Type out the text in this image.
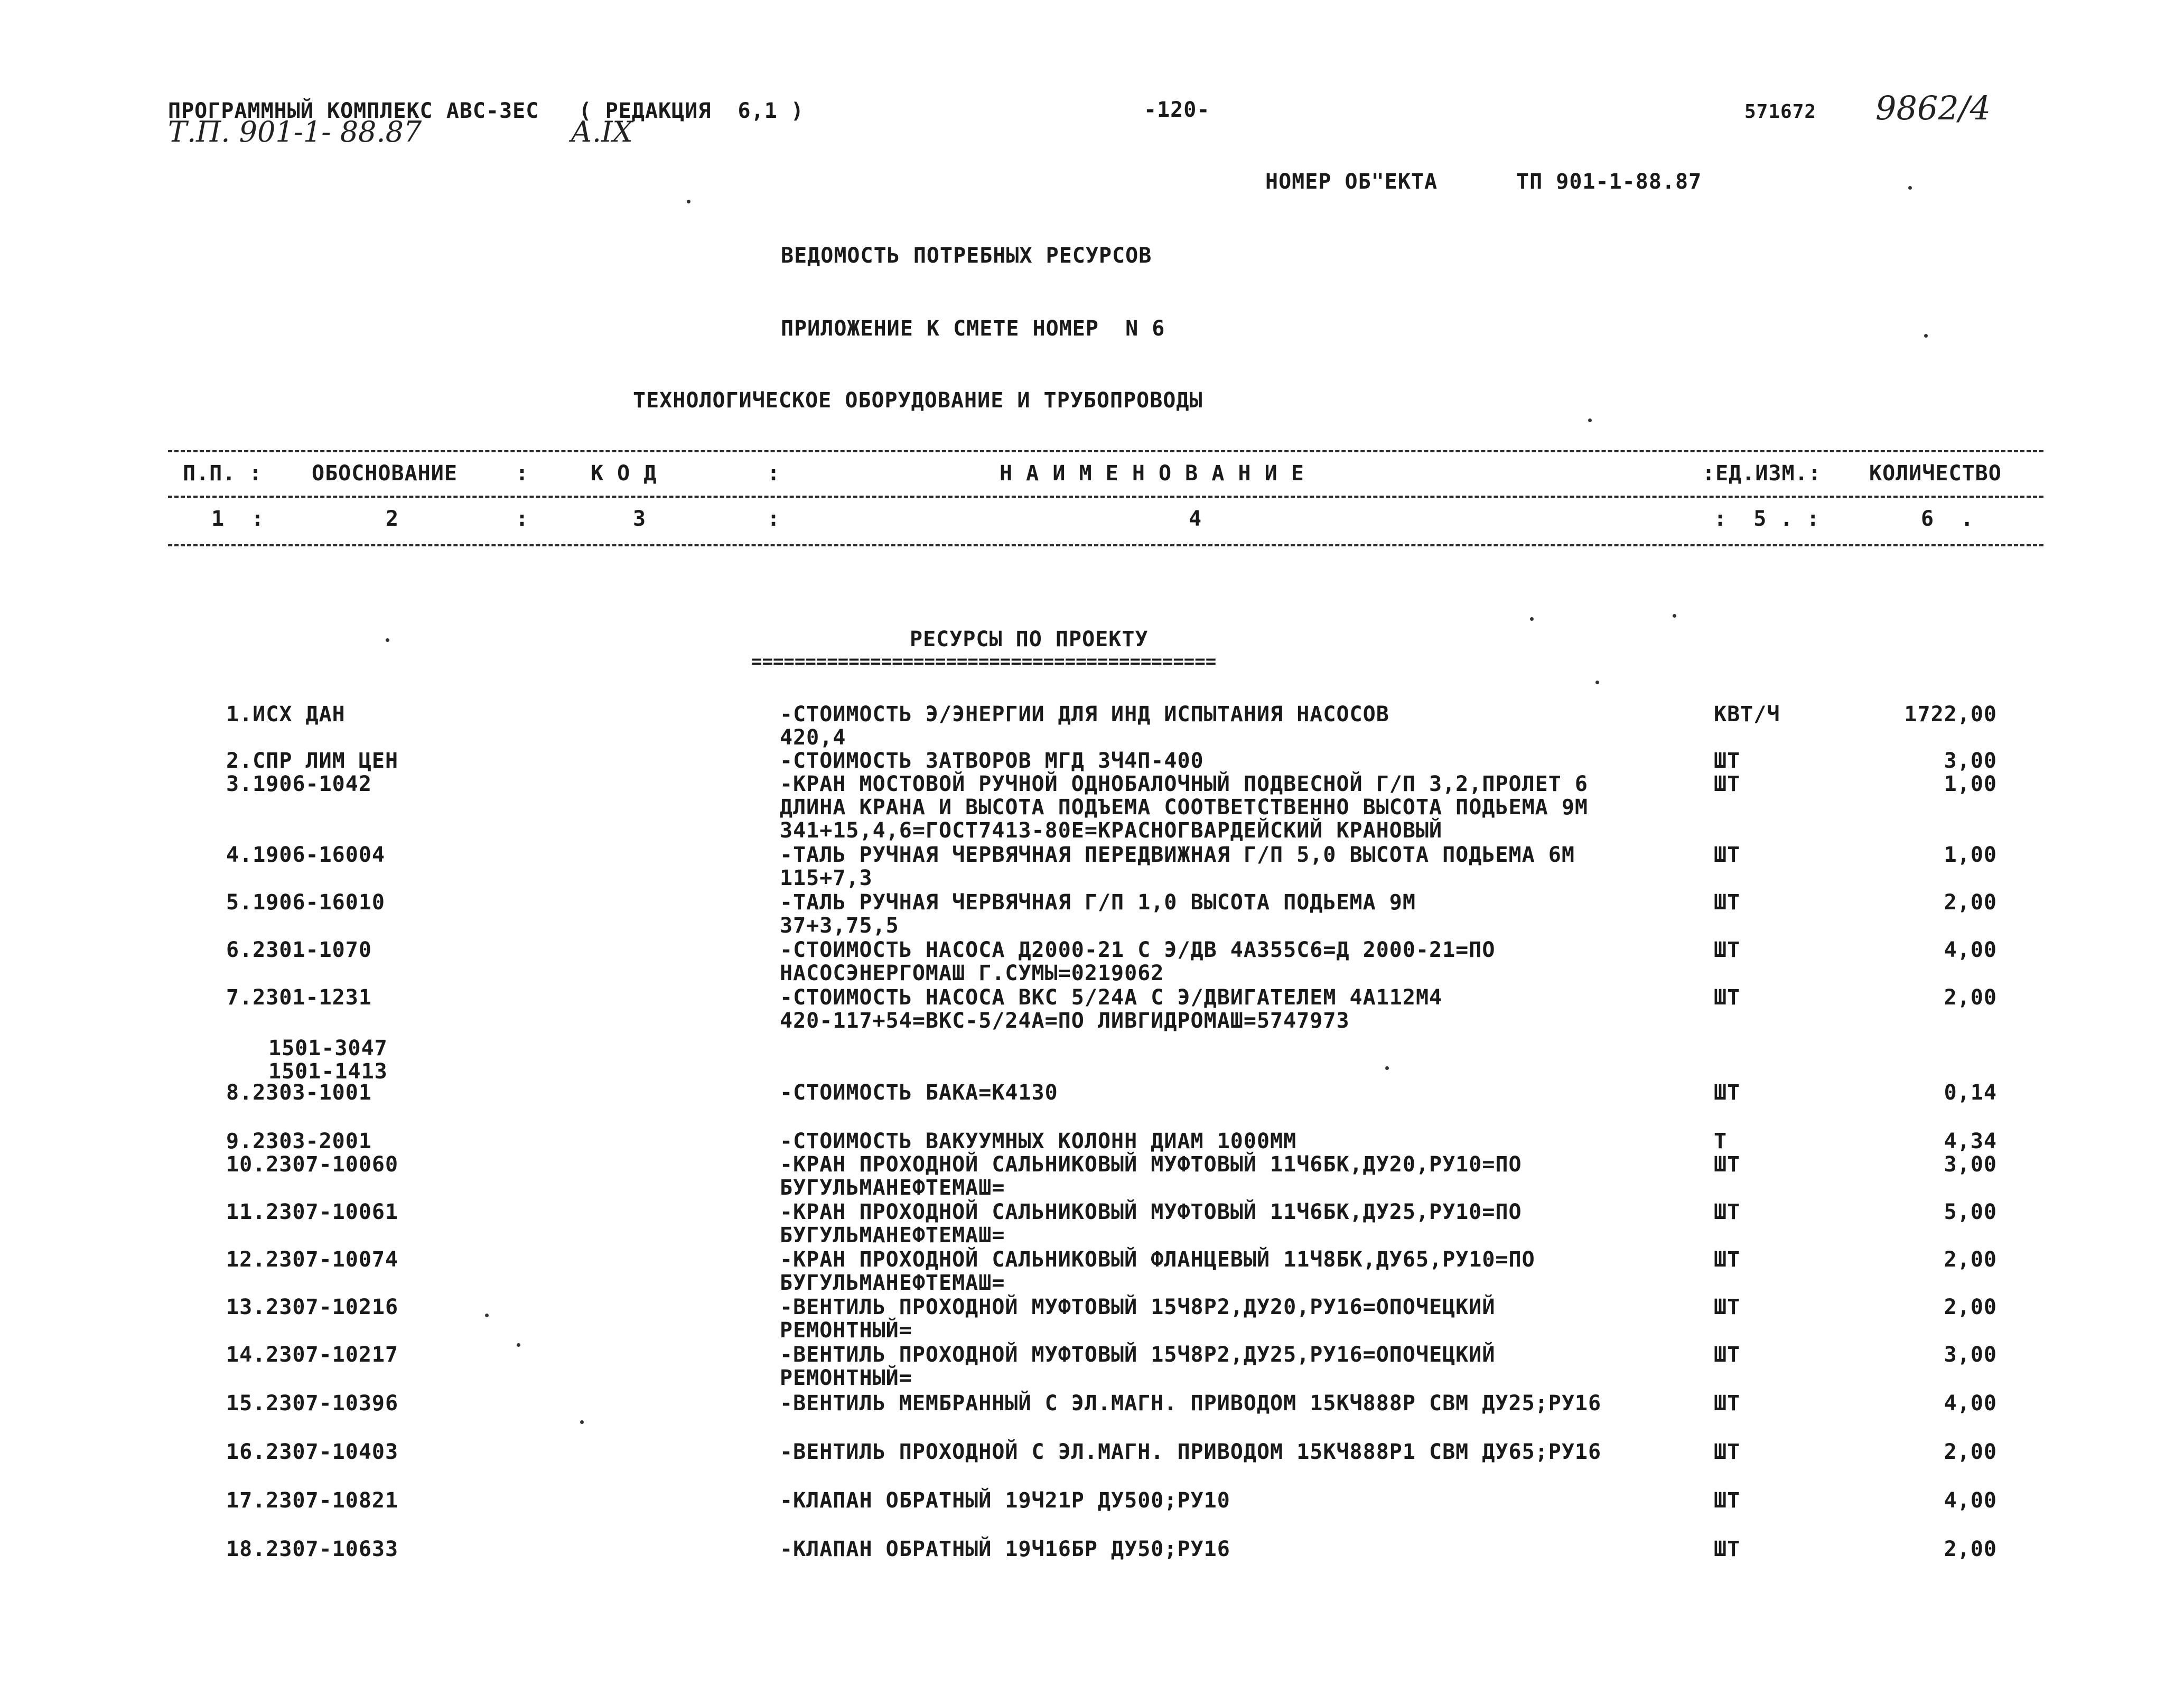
ПРОГРАММНЫЙ КОМПЛЕКС АВС-ЗЕС   ( РЕДАКЦИЯ  6,1 )	-120-	571672 9862/4
Т.П. 901-1- 88.87	А.IX
НОМЕР ОБ"ЕКТА	ТП 901-1-88.87
ВЕДОМОСТЬ ПОТРЕБНЫХ РЕСУРСОВ
ПРИЛОЖЕНИЕ К СМЕТЕ НОМЕР  N 6
ТЕХНОЛОГИЧЕСКОЕ ОБОРУДОВАНИЕ И ТРУБОПРОВОДЫ
П.П. : ОБОСНОВАНИЕ	:	К О Д	:	Н А И М Е Н О В А Н И Е	:ЕД.ИЗМ.: КОЛИЧЕСТВО
1  :	2	:	3	:	4	:  5 . :	6  .
РЕСУРСЫ ПО ПРОЕКТУ
===========================================
1.ИСХ ДАН	-СТОИМОСТЬ Э/ЭНЕРГИИ ДЛЯ ИНД ИСПЫТАНИЯ НАСОСОВ
420,4
КВТ/Ч	1722,00
2.СПР ЛИМ ЦЕН	-СТОИМОСТЬ ЗАТВОРОВ МГД 3Ч4П-400	ШТ	3,00
3.1906-1042	-КРАН МОСТОВОЙ РУЧНОЙ ОДНОБАЛОЧНЫЙ ПОДВЕСНОЙ Г/П 3,2,ПРОЛЕТ 6
ДЛИНА КРАНА И ВЫСОТА ПОДЪЕМА СООТВЕТСТВЕННО ВЫСОТА ПОДЬЕМА 9М
341+15,4,6=ГОСТ7413-80Е=КРАСНОГВАРДЕЙСКИЙ КРАНОВЫЙ
ШТ	1,00
4.1906-16004	-ТАЛЬ РУЧНАЯ ЧЕРВЯЧНАЯ ПЕРЕДВИЖНАЯ Г/П 5,0 ВЫСОТА ПОДЬЕМА 6М
115+7,3
ШТ	1,00
5.1906-16010	-ТАЛЬ РУЧНАЯ ЧЕРВЯЧНАЯ Г/П 1,0 ВЫСОТА ПОДЬЕМА 9М
37+3,75,5
ШТ	2,00
6.2301-1070	-СТОИМОСТЬ НАСОСА Д2000-21 С Э/ДВ 4А355С6=Д 2000-21=ПО
НАСОСЭНЕРГОМАШ Г.СУМЫ=0219062
ШТ	4,00
7.2301-1231	-СТОИМОСТЬ НАСОСА ВКС 5/24А С Э/ДВИГАТЕЛЕМ 4А112М4
420-117+54=ВКС-5/24А=ПО ЛИВГИДРОМАШ=5747973
1501-3047
1501-1413
ШТ	2,00
8.2303-1001	-СТОИМОСТЬ БАКА=К4130	ШТ	0,14
9.2303-2001	-СТОИМОСТЬ ВАКУУМНЫХ КОЛОНН ДИАМ 1000ММ	Т	4,34
10.2307-10060	-КРАН ПРОХОДНОЙ САЛЬНИКОВЫЙ МУФТОВЫЙ 11Ч6БК,ДУ20,РУ10=ПО
БУГУЛЬМАНЕФТЕМАШ=
ШТ	3,00
11.2307-10061	-КРАН ПРОХОДНОЙ САЛЬНИКОВЫЙ МУФТОВЫЙ 11Ч6БК,ДУ25,РУ10=ПО
БУГУЛЬМАНЕФТЕМАШ=
ШТ	5,00
12.2307-10074	-КРАН ПРОХОДНОЙ САЛЬНИКОВЫЙ ФЛАНЦЕВЫЙ 11Ч8БК,ДУ65,РУ10=ПО
БУГУЛЬМАНЕФТЕМАШ=
ШТ	2,00
13.2307-10216	-ВЕНТИЛЬ ПРОХОДНОЙ МУФТОВЫЙ 15Ч8Р2,ДУ20,РУ16=ОПОЧЕЦКИЙ
РЕМОНТНЫЙ=
ШТ	2,00
14.2307-10217	-ВЕНТИЛЬ ПРОХОДНОЙ МУФТОВЫЙ 15Ч8Р2,ДУ25,РУ16=ОПОЧЕЦКИЙ
РЕМОНТНЫЙ=
ШТ	3,00
15.2307-10396	-ВЕНТИЛЬ МЕМБРАННЫЙ С ЭЛ.МАГН. ПРИВОДОМ 15КЧ888Р СВМ ДУ25;РУ16	ШТ	4,00
16.2307-10403	-ВЕНТИЛЬ ПРОХОДНОЙ С ЭЛ.МАГН. ПРИВОДОМ 15КЧ888Р1 СВМ ДУ65;РУ16	ШТ	2,00
17.2307-10821	-КЛАПАН ОБРАТНЫЙ 19Ч21Р ДУ500;РУ10	ШТ	4,00
18.2307-10633	-КЛАПАН ОБРАТНЫЙ 19Ч16БР ДУ50;РУ16	ШТ	2,00
